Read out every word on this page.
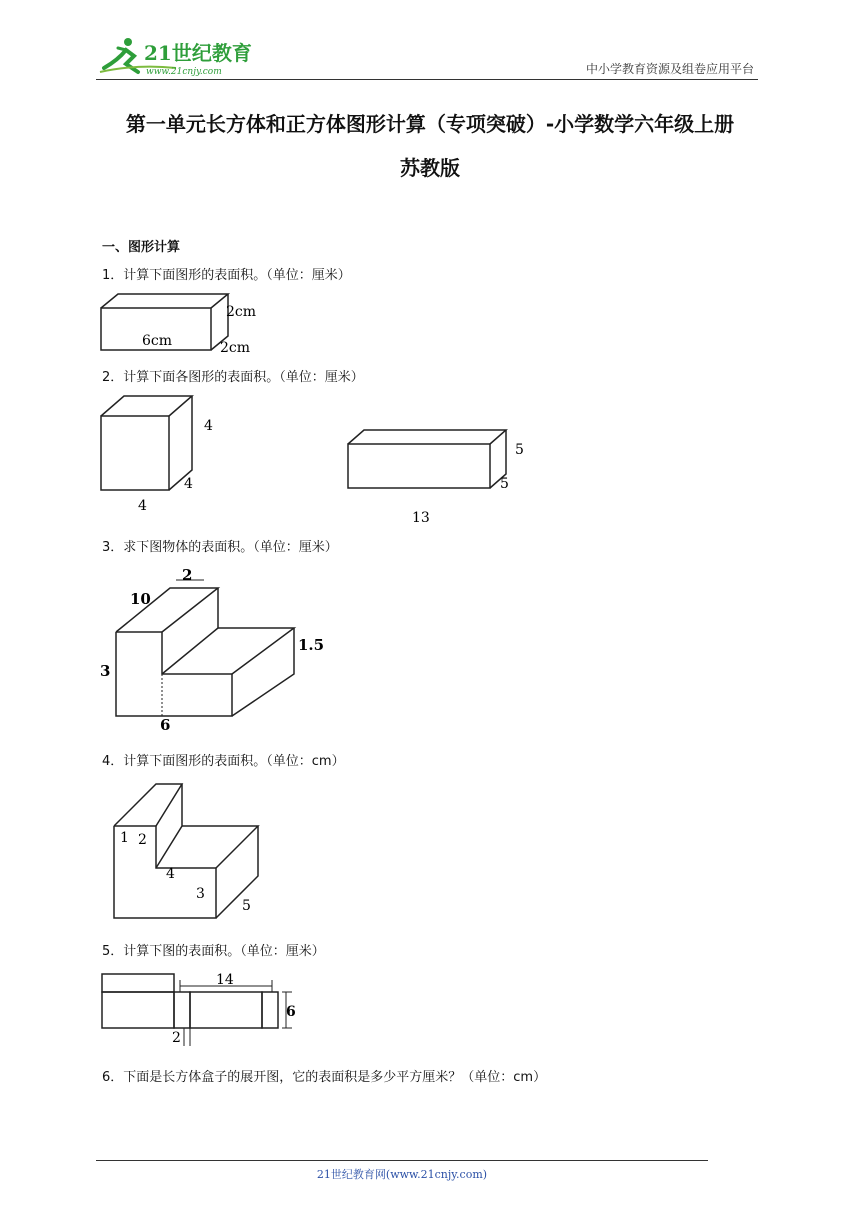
21世纪教育
www.21cnjy.com	中小学教育资源及组卷应用平台
第一单元长方体和正方体图形计算（专项突破）-小学数学六年级上册
苏教版
一、图形计算
1．计算下面图形的表面积。（单位：厘米）
2cm
6cm	2cm
2．计算下面各图形的表面积。（单位：厘米）
4
4
4
5
5
13
3．求下图物体的表面积。（单位：厘米）
2
10
1.5
3
6
4．计算下面图形的表面积。（单位：cm）
1 2
4
3
5
5．计算下图的表面积。（单位：厘米）
14
6
2
6．下面是长方体盒子的展开图，它的表面积是多少平方厘米？（单位：cm）
21世纪教育网(www.21cnjy.com)
